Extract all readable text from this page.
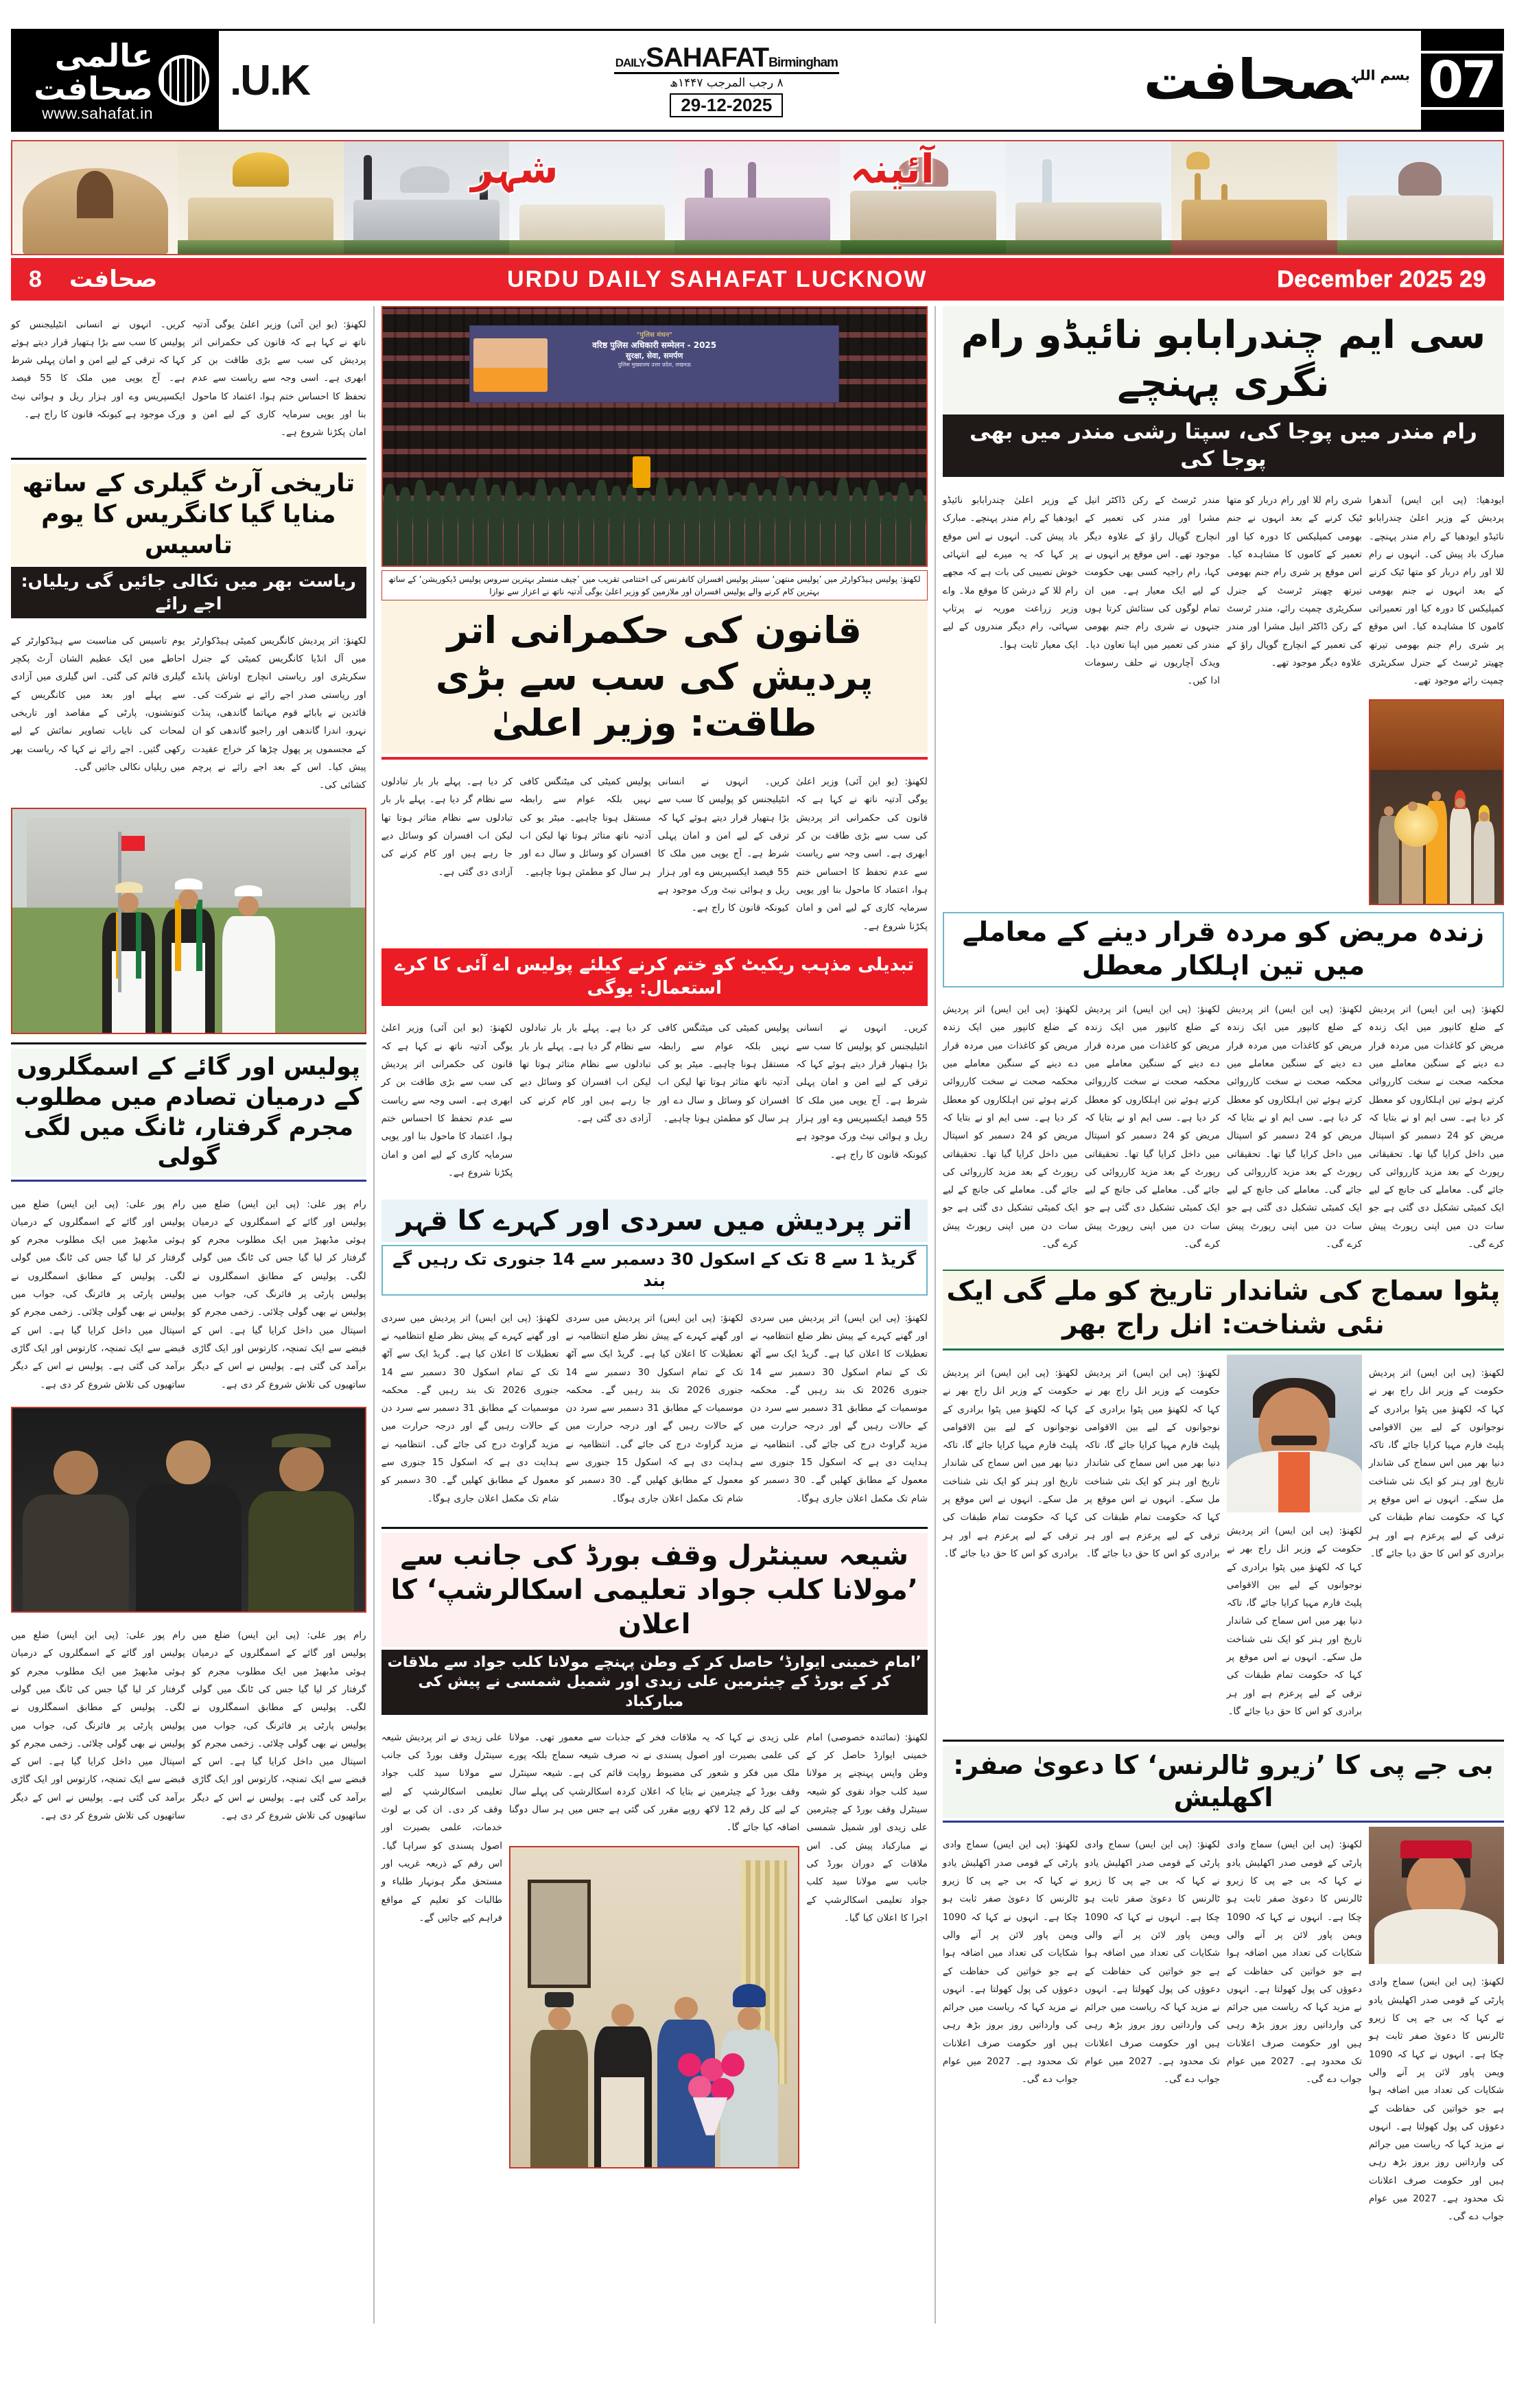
07
$^{بسم اللہ}$صحافت
DAILYSAHAFATBirmingham
۸ رجب المرجب ۱۴۴۷ھ
29-12-2025
U.K.
عالمی صحافت
www.sahafat.in
آئینہ شہر
29 December 2025
URDU DAILY SAHAFAT LUCKNOW
صحافت
8
سی ایم چندرابابو نائیڈو رام نگری پہنچے
رام مندر میں پوجا کی، سپتا رشی مندر میں بھی پوجا کی

ایودھیا: (پی این ایس) آندھرا پردیش کے وزیر اعلیٰ چندرابابو نائیڈو ایودھیا کے رام مندر پہنچے۔ مبارک باد پیش کی۔ انہوں نے رام للا اور رام دربار کو متھا ٹیک کرنے کے بعد انہوں نے جنم بھومی کمپلیکس کا دورہ کیا اور تعمیراتی کاموں کا مشاہدہ کیا۔ اس موقع پر شری رام جنم بھومی تیرتھ چھیتر ٹرسٹ کے جنرل سکریٹری چمپت رائے موجود تھے۔

شری رام للا اور رام دربار کو متھا ٹیک کرنے کے بعد انہوں نے جنم بھومی کمپلیکس کا دورہ کیا اور تعمیر کے کاموں کا مشاہدہ کیا۔ اس موقع پر شری رام جنم بھومی تیرتھ چھیتر ٹرسٹ کے جنرل سکریٹری چمپت رائے، مندر ٹرسٹ کے رکن ڈاکٹر انیل مشرا اور مندر کی تعمیر کے انچارج گوپال راؤ کے علاوہ دیگر موجود تھے۔

مندر ٹرسٹ کے رکن ڈاکٹر انیل مشرا اور مندر کی تعمیر کے انچارج گوپال راؤ کے علاوہ دیگر موجود تھے۔ اس موقع پر انہوں نے کہا، رام راجیہ کسی بھی حکومت کے لیے ایک معیار ہے۔ میں ان تمام لوگوں کی ستائش کرتا ہوں جنہوں نے شری رام جنم بھومی مندر کی تعمیر میں اپنا تعاون دیا۔ ویدک آچاریوں نے حلف رسومات ادا کیں۔

کے وزیر اعلیٰ چندرابابو نائیڈو ایودھیا کے رام مندر پہنچے۔ مبارک باد پیش کی۔ انہوں نے اس موقع پر کہا کہ یہ میرے لیے انتہائی خوش نصیبی کی بات ہے کہ مجھے رام للا کے درشن کا موقع ملا۔ واے وزیر زراعت موریہ نے پرتاپ سہائی، رام دیگر مندروں کے لیے ایک معیار ثابت ہوا۔

زندہ مریض کو مردہ قرار دینے کے معاملے میں تین اہلکار معطل

لکھنؤ: (پی این ایس) اتر پردیش کے ضلع کانپور میں ایک زندہ مریض کو کاغذات میں مردہ قرار دے دینے کے سنگین معاملے میں محکمہ صحت نے سخت کارروائی کرتے ہوئے تین اہلکاروں کو معطل کر دیا ہے۔ سی ایم او نے بتایا کہ مریض کو 24 دسمبر کو اسپتال میں داخل کرایا گیا تھا۔ تحقیقاتی رپورٹ کے بعد مزید کارروائی کی جائے گی۔ معاملے کی جانچ کے لیے ایک کمیٹی تشکیل دی گئی ہے جو سات دن میں اپنی رپورٹ پیش کرے گی۔

لکھنؤ: (پی این ایس) اتر پردیش کے ضلع کانپور میں ایک زندہ مریض کو کاغذات میں مردہ قرار دے دینے کے سنگین معاملے میں محکمہ صحت نے سخت کارروائی کرتے ہوئے تین اہلکاروں کو معطل کر دیا ہے۔ سی ایم او نے بتایا کہ مریض کو 24 دسمبر کو اسپتال میں داخل کرایا گیا تھا۔ تحقیقاتی رپورٹ کے بعد مزید کارروائی کی جائے گی۔ معاملے کی جانچ کے لیے ایک کمیٹی تشکیل دی گئی ہے جو سات دن میں اپنی رپورٹ پیش کرے گی۔

لکھنؤ: (پی این ایس) اتر پردیش کے ضلع کانپور میں ایک زندہ مریض کو کاغذات میں مردہ قرار دے دینے کے سنگین معاملے میں محکمہ صحت نے سخت کارروائی کرتے ہوئے تین اہلکاروں کو معطل کر دیا ہے۔ سی ایم او نے بتایا کہ مریض کو 24 دسمبر کو اسپتال میں داخل کرایا گیا تھا۔ تحقیقاتی رپورٹ کے بعد مزید کارروائی کی جائے گی۔ معاملے کی جانچ کے لیے ایک کمیٹی تشکیل دی گئی ہے جو سات دن میں اپنی رپورٹ پیش کرے گی۔

لکھنؤ: (پی این ایس) اتر پردیش کے ضلع کانپور میں ایک زندہ مریض کو کاغذات میں مردہ قرار دے دینے کے سنگین معاملے میں محکمہ صحت نے سخت کارروائی کرتے ہوئے تین اہلکاروں کو معطل کر دیا ہے۔ سی ایم او نے بتایا کہ مریض کو 24 دسمبر کو اسپتال میں داخل کرایا گیا تھا۔ تحقیقاتی رپورٹ کے بعد مزید کارروائی کی جائے گی۔ معاملے کی جانچ کے لیے ایک کمیٹی تشکیل دی گئی ہے جو سات دن میں اپنی رپورٹ پیش کرے گی۔

پٹوا سماج کی شاندار تاریخ کو ملے گی ایک نئی شناخت: انل راج بھر

لکھنؤ: (پی این ایس) اتر پردیش حکومت کے وزیر انل راج بھر نے کہا کہ لکھنؤ میں پٹوا برادری کے نوجوانوں کے لیے بین الاقوامی پلیٹ فارم مہیا کرایا جائے گا، تاکہ دنیا بھر میں اس سماج کی شاندار تاریخ اور ہنر کو ایک نئی شناخت مل سکے۔ انہوں نے اس موقع پر کہا کہ حکومت تمام طبقات کی ترقی کے لیے پرعزم ہے اور ہر برادری کو اس کا حق دیا جائے گا۔

لکھنؤ: (پی این ایس) اتر پردیش حکومت کے وزیر انل راج بھر نے کہا کہ لکھنؤ میں پٹوا برادری کے نوجوانوں کے لیے بین الاقوامی پلیٹ فارم مہیا کرایا جائے گا، تاکہ دنیا بھر میں اس سماج کی شاندار تاریخ اور ہنر کو ایک نئی شناخت مل سکے۔ انہوں نے اس موقع پر کہا کہ حکومت تمام طبقات کی ترقی کے لیے پرعزم ہے اور ہر برادری کو اس کا حق دیا جائے گا۔

لکھنؤ: (پی این ایس) اتر پردیش حکومت کے وزیر انل راج بھر نے کہا کہ لکھنؤ میں پٹوا برادری کے نوجوانوں کے لیے بین الاقوامی پلیٹ فارم مہیا کرایا جائے گا، تاکہ دنیا بھر میں اس سماج کی شاندار تاریخ اور ہنر کو ایک نئی شناخت مل سکے۔ انہوں نے اس موقع پر کہا کہ حکومت تمام طبقات کی ترقی کے لیے پرعزم ہے اور ہر برادری کو اس کا حق دیا جائے گا۔

لکھنؤ: (پی این ایس) اتر پردیش حکومت کے وزیر انل راج بھر نے کہا کہ لکھنؤ میں پٹوا برادری کے نوجوانوں کے لیے بین الاقوامی پلیٹ فارم مہیا کرایا جائے گا، تاکہ دنیا بھر میں اس سماج کی شاندار تاریخ اور ہنر کو ایک نئی شناخت مل سکے۔ انہوں نے اس موقع پر کہا کہ حکومت تمام طبقات کی ترقی کے لیے پرعزم ہے اور ہر برادری کو اس کا حق دیا جائے گا۔

بی جے پی کا ’زیرو ٹالرنس‘ کا دعویٰ صفر: اکھلیش

لکھنؤ: (پی این ایس) سماج وادی پارٹی کے قومی صدر اکھلیش یادو نے کہا کہ بی جے پی کا زیرو ٹالرنس کا دعویٰ صفر ثابت ہو چکا ہے۔ انہوں نے کہا کہ 1090 ویمن پاور لائن پر آنے والی شکایات کی تعداد میں اضافہ ہوا ہے جو خواتین کی حفاظت کے دعوؤں کی پول کھولتا ہے۔ انہوں نے مزید کہا کہ ریاست میں جرائم کی وارداتیں روز بروز بڑھ رہی ہیں اور حکومت صرف اعلانات تک محدود ہے۔ 2027 میں عوام جواب دے گی۔

لکھنؤ: (پی این ایس) سماج وادی پارٹی کے قومی صدر اکھلیش یادو نے کہا کہ بی جے پی کا زیرو ٹالرنس کا دعویٰ صفر ثابت ہو چکا ہے۔ انہوں نے کہا کہ 1090 ویمن پاور لائن پر آنے والی شکایات کی تعداد میں اضافہ ہوا ہے جو خواتین کی حفاظت کے دعوؤں کی پول کھولتا ہے۔ انہوں نے مزید کہا کہ ریاست میں جرائم کی وارداتیں روز بروز بڑھ رہی ہیں اور حکومت صرف اعلانات تک محدود ہے۔ 2027 میں عوام جواب دے گی۔

لکھنؤ: (پی این ایس) سماج وادی پارٹی کے قومی صدر اکھلیش یادو نے کہا کہ بی جے پی کا زیرو ٹالرنس کا دعویٰ صفر ثابت ہو چکا ہے۔ انہوں نے کہا کہ 1090 ویمن پاور لائن پر آنے والی شکایات کی تعداد میں اضافہ ہوا ہے جو خواتین کی حفاظت کے دعوؤں کی پول کھولتا ہے۔ انہوں نے مزید کہا کہ ریاست میں جرائم کی وارداتیں روز بروز بڑھ رہی ہیں اور حکومت صرف اعلانات تک محدود ہے۔ 2027 میں عوام جواب دے گی۔

لکھنؤ: (پی این ایس) سماج وادی پارٹی کے قومی صدر اکھلیش یادو نے کہا کہ بی جے پی کا زیرو ٹالرنس کا دعویٰ صفر ثابت ہو چکا ہے۔ انہوں نے کہا کہ 1090 ویمن پاور لائن پر آنے والی شکایات کی تعداد میں اضافہ ہوا ہے جو خواتین کی حفاظت کے دعوؤں کی پول کھولتا ہے۔ انہوں نے مزید کہا کہ ریاست میں جرائم کی وارداتیں روز بروز بڑھ رہی ہیں اور حکومت صرف اعلانات تک محدود ہے۔ 2027 میں عوام جواب دے گی۔

"पुलिस मंथन"
वरिष्ठ पुलिस अधिकारी सम्मेलन - 2025
सुरक्षा, सेवा, समर्पण
पुलिस मुख्यालय उत्तर प्रदेश, लखनऊ
لکھنؤ: پولیس ہیڈکوارٹر میں ’پولیس منتھن‘ سینئر پولیس افسران کانفرنس کی اختتامی تقریب میں ’چیف منسٹر بہترین سروس پولیس ڈیکوریشن‘ کے ساتھ بہترین کام کرنے والے پولیس افسران اور ملازمین کو وزیر اعلیٰ یوگی آدتیہ ناتھ نے اعزاز سے نوازا
قانون کی حکمرانی اتر پردیش کی سب سے بڑی طاقت: وزیر اعلیٰ

لکھنؤ: (یو این آئی) وزیر اعلیٰ یوگی آدتیہ ناتھ نے کہا ہے کہ قانون کی حکمرانی اتر پردیش کی سب سے بڑی طاقت بن کر ابھری ہے۔ اسی وجہ سے ریاست سے عدم تحفظ کا احساس ختم ہوا، اعتماد کا ماحول بنا اور یوپی سرمایہ کاری کے لیے امن و امان پکڑنا شروع ہے۔

کریں۔ انہوں نے انسانی انٹیلیجنس کو پولیس کا سب سے بڑا ہتھیار قرار دیتے ہوئے کہا کہ ترقی کے لیے امن و امان پہلی شرط ہے۔ آج یوپی میں ملک کا 55 فیصد ایکسپریس وے اور ہزار ریل و ہوائی نیٹ ورک موجود ہے کیونکہ قانون کا راج ہے۔

پولیس کمیٹی کی میٹنگس کافی نہیں بلکہ عوام سے رابطہ مستقل ہونا چاہیے۔ میٹر یو کی آدتیہ ناتھ متاثر ہوتا تھا لیکن اب افسران کو وسائل و سال دے اور ہر سال کو مطمئن ہونا چاہیے۔

کر دیا ہے۔ پہلے بار بار تبادلوں سے نظام گر دیا ہے۔ پہلے بار بار تبادلوں سے نظام متاثر ہوتا تھا لیکن اب افسران کو وسائل دیے جا رہے ہیں اور کام کرنے کی آزادی دی گئی ہے۔

تبدیلی مذہب ریکیٹ کو ختم کرنے کیلئے پولیس اے آئی کا کرے استعمال: یوگی

کریں۔ انہوں نے انسانی انٹیلیجنس کو پولیس کا سب سے بڑا ہتھیار قرار دیتے ہوئے کہا کہ ترقی کے لیے امن و امان پہلی شرط ہے۔ آج یوپی میں ملک کا 55 فیصد ایکسپریس وے اور ہزار ریل و ہوائی نیٹ ورک موجود ہے کیونکہ قانون کا راج ہے۔

پولیس کمیٹی کی میٹنگس کافی نہیں بلکہ عوام سے رابطہ مستقل ہونا چاہیے۔ میٹر یو کی آدتیہ ناتھ متاثر ہوتا تھا لیکن اب افسران کو وسائل و سال دے اور ہر سال کو مطمئن ہونا چاہیے۔

کر دیا ہے۔ پہلے بار بار تبادلوں سے نظام گر دیا ہے۔ پہلے بار بار تبادلوں سے نظام متاثر ہوتا تھا لیکن اب افسران کو وسائل دیے جا رہے ہیں اور کام کرنے کی آزادی دی گئی ہے۔

لکھنؤ: (یو این آئی) وزیر اعلیٰ یوگی آدتیہ ناتھ نے کہا ہے کہ قانون کی حکمرانی اتر پردیش کی سب سے بڑی طاقت بن کر ابھری ہے۔ اسی وجہ سے ریاست سے عدم تحفظ کا احساس ختم ہوا، اعتماد کا ماحول بنا اور یوپی سرمایہ کاری کے لیے امن و امان پکڑنا شروع ہے۔

اتر پردیش میں سردی اور کہرے کا قہر
گریڈ 1 سے 8 تک کے اسکول 30 دسمبر سے 14 جنوری تک رہیں گے بند

لکھنؤ: (پی این ایس) اتر پردیش میں سردی اور گھنے کہرے کے پیش نظر ضلع انتظامیہ نے تعطیلات کا اعلان کیا ہے۔ گریڈ ایک سے آٹھ تک کے تمام اسکول 30 دسمبر سے 14 جنوری 2026 تک بند رہیں گے۔ محکمہ موسمیات کے مطابق 31 دسمبر سے سرد دن کے حالات رہیں گے اور درجہ حرارت میں مزید گراوٹ درج کی جائے گی۔ انتظامیہ نے ہدایت دی ہے کہ اسکول 15 جنوری سے معمول کے مطابق کھلیں گے۔ 30 دسمبر کو شام تک مکمل اعلان جاری ہوگا۔

لکھنؤ: (پی این ایس) اتر پردیش میں سردی اور گھنے کہرے کے پیش نظر ضلع انتظامیہ نے تعطیلات کا اعلان کیا ہے۔ گریڈ ایک سے آٹھ تک کے تمام اسکول 30 دسمبر سے 14 جنوری 2026 تک بند رہیں گے۔ محکمہ موسمیات کے مطابق 31 دسمبر سے سرد دن کے حالات رہیں گے اور درجہ حرارت میں مزید گراوٹ درج کی جائے گی۔ انتظامیہ نے ہدایت دی ہے کہ اسکول 15 جنوری سے معمول کے مطابق کھلیں گے۔ 30 دسمبر کو شام تک مکمل اعلان جاری ہوگا۔

لکھنؤ: (پی این ایس) اتر پردیش میں سردی اور گھنے کہرے کے پیش نظر ضلع انتظامیہ نے تعطیلات کا اعلان کیا ہے۔ گریڈ ایک سے آٹھ تک کے تمام اسکول 30 دسمبر سے 14 جنوری 2026 تک بند رہیں گے۔ محکمہ موسمیات کے مطابق 31 دسمبر سے سرد دن کے حالات رہیں گے اور درجہ حرارت میں مزید گراوٹ درج کی جائے گی۔ انتظامیہ نے ہدایت دی ہے کہ اسکول 15 جنوری سے معمول کے مطابق کھلیں گے۔ 30 دسمبر کو شام تک مکمل اعلان جاری ہوگا۔

شیعہ سینٹرل وقف بورڈ کی جانب سے ’مولانا کلب جواد تعلیمی اسکالرشپ‘ کا اعلان
’امام خمینی ایوارڈ‘ حاصل کر کے وطن پہنچے مولانا کلب جواد سے ملاقات کر کے بورڈ کے چیئرمین علی زیدی اور شمیل شمسی نے پیش کی مبارکباد

لکھنؤ: (نمائندہ خصوصی) امام خمینی ایوارڈ حاصل کر کے وطن واپس پہنچنے پر مولانا سید کلب جواد نقوی کو شیعہ سینٹرل وقف بورڈ کے چیئرمین علی زیدی اور شمیل شمسی نے مبارکباد پیش کی۔ اس ملاقات کے دوران بورڈ کی جانب سے مولانا سید کلب جواد تعلیمی اسکالرشپ کے اجرا کا اعلان کیا گیا۔

علی زیدی نے کہا کہ یہ ملاقات فخر کے جذبات سے معمور تھی۔ مولانا کی علمی بصیرت اور اصول پسندی نے نہ صرف شیعہ سماج بلکہ پورے ملک میں فکر و شعور کی مضبوط روایت قائم کی ہے۔ شیعہ سینٹرل وقف بورڈ کے چیئرمین نے بتایا کہ اعلان کردہ اسکالرشپ کی پہلے سال کے لیے کل رقم 12 لاکھ روپے مقرر کی گئی ہے جس میں ہر سال دوگنا اضافہ کیا جائے گا۔

علی زیدی نے اتر پردیش شیعہ سینٹرل وقف بورڈ کی جانب سے مولانا سید کلب جواد تعلیمی اسکالرشپ کے لیے وقف کر دی۔ ان کی بے لوث خدمات، علمی بصیرت اور اصول پسندی کو سراہا گیا۔ اس رقم کے ذریعہ غریب اور مستحق مگر ہونہار طلباء و طالبات کو تعلیم کے مواقع فراہم کیے جائیں گے۔

لکھنؤ: (یو این آئی) وزیر اعلیٰ یوگی آدتیہ ناتھ نے کہا ہے کہ قانون کی حکمرانی اتر پردیش کی سب سے بڑی طاقت بن کر ابھری ہے۔ اسی وجہ سے ریاست سے عدم تحفظ کا احساس ختم ہوا، اعتماد کا ماحول بنا اور یوپی سرمایہ کاری کے لیے امن و امان پکڑنا شروع ہے۔

کریں۔ انہوں نے انسانی انٹیلیجنس کو پولیس کا سب سے بڑا ہتھیار قرار دیتے ہوئے کہا کہ ترقی کے لیے امن و امان پہلی شرط ہے۔ آج یوپی میں ملک کا 55 فیصد ایکسپریس وے اور ہزار ریل و ہوائی نیٹ ورک موجود ہے کیونکہ قانون کا راج ہے۔

تاریخی آرٹ گیلری کے ساتھ منایا گیا کانگریس کا یوم تاسیس
ریاست بھر میں نکالی جائیں گی ریلیاں: اجے رائے

لکھنؤ: اتر پردیش کانگریس کمیٹی ہیڈکوارٹر میں آل انڈیا کانگریس کمیٹی کے جنرل سکریٹری اور ریاستی انچارج اوناش پانڈے اور ریاستی صدر اجے رائے نے شرکت کی۔ قائدین نے بابائے قوم مہاتما گاندھی، پنڈت نہرو، اندرا گاندھی اور راجیو گاندھی کو ان کے مجسموں پر پھول چڑھا کر خراج عقیدت پیش کیا۔ اس کے بعد اجے رائے نے پرچم کشائی کی۔

یوم تاسیس کی مناسبت سے ہیڈکوارٹر کے احاطے میں ایک عظیم الشان آرٹ پکچر گیلری قائم کی گئی۔ اس گیلری میں آزادی سے پہلے اور بعد میں کانگریس کے کنونشنوں، پارٹی کے مقاصد اور تاریخی لمحات کی نایاب تصاویر نمائش کے لیے رکھی گئیں۔ اجے رائے نے کہا کہ ریاست بھر میں ریلیاں نکالی جائیں گی۔

پولیس اور گائے کے اسمگلروں کے درمیان تصادم میں مطلوب مجرم گرفتار، ٹانگ میں لگی گولی

رام پور علی: (پی این ایس) ضلع میں پولیس اور گائے کے اسمگلروں کے درمیان ہوئی مڈبھیڑ میں ایک مطلوب مجرم کو گرفتار کر لیا گیا جس کی ٹانگ میں گولی لگی۔ پولیس کے مطابق اسمگلروں نے پولیس پارٹی پر فائرنگ کی، جواب میں پولیس نے بھی گولی چلائی۔ زخمی مجرم کو اسپتال میں داخل کرایا گیا ہے۔ اس کے قبضے سے ایک تمنچہ، کارتوس اور ایک گاڑی برآمد کی گئی ہے۔ پولیس نے اس کے دیگر ساتھیوں کی تلاش شروع کر دی ہے۔

رام پور علی: (پی این ایس) ضلع میں پولیس اور گائے کے اسمگلروں کے درمیان ہوئی مڈبھیڑ میں ایک مطلوب مجرم کو گرفتار کر لیا گیا جس کی ٹانگ میں گولی لگی۔ پولیس کے مطابق اسمگلروں نے پولیس پارٹی پر فائرنگ کی، جواب میں پولیس نے بھی گولی چلائی۔ زخمی مجرم کو اسپتال میں داخل کرایا گیا ہے۔ اس کے قبضے سے ایک تمنچہ، کارتوس اور ایک گاڑی برآمد کی گئی ہے۔ پولیس نے اس کے دیگر ساتھیوں کی تلاش شروع کر دی ہے۔

رام پور علی: (پی این ایس) ضلع میں پولیس اور گائے کے اسمگلروں کے درمیان ہوئی مڈبھیڑ میں ایک مطلوب مجرم کو گرفتار کر لیا گیا جس کی ٹانگ میں گولی لگی۔ پولیس کے مطابق اسمگلروں نے پولیس پارٹی پر فائرنگ کی، جواب میں پولیس نے بھی گولی چلائی۔ زخمی مجرم کو اسپتال میں داخل کرایا گیا ہے۔ اس کے قبضے سے ایک تمنچہ، کارتوس اور ایک گاڑی برآمد کی گئی ہے۔ پولیس نے اس کے دیگر ساتھیوں کی تلاش شروع کر دی ہے۔

رام پور علی: (پی این ایس) ضلع میں پولیس اور گائے کے اسمگلروں کے درمیان ہوئی مڈبھیڑ میں ایک مطلوب مجرم کو گرفتار کر لیا گیا جس کی ٹانگ میں گولی لگی۔ پولیس کے مطابق اسمگلروں نے پولیس پارٹی پر فائرنگ کی، جواب میں پولیس نے بھی گولی چلائی۔ زخمی مجرم کو اسپتال میں داخل کرایا گیا ہے۔ اس کے قبضے سے ایک تمنچہ، کارتوس اور ایک گاڑی برآمد کی گئی ہے۔ پولیس نے اس کے دیگر ساتھیوں کی تلاش شروع کر دی ہے۔
